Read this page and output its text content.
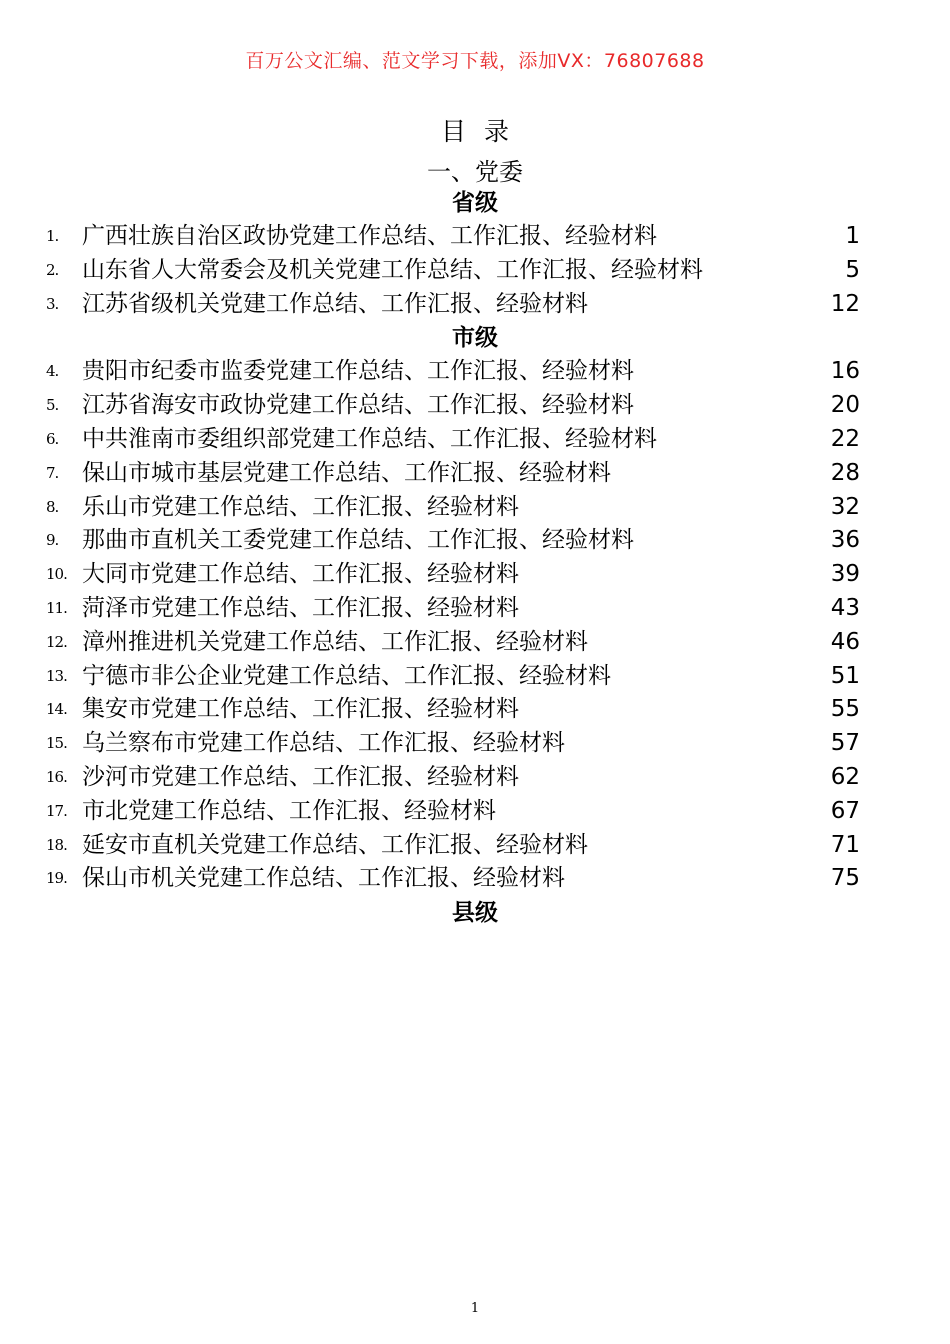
百万公文汇编、范文学习下载，添加VX：76807688
目 录
一、党委
省级
1.	广西壮族自治区政协党建工作总结、工作汇报、经验材料	1
2.	山东省人大常委会及机关党建工作总结、工作汇报、经验材料	5
3.	江苏省级机关党建工作总结、工作汇报、经验材料	12
市级
4.	贵阳市纪委市监委党建工作总结、工作汇报、经验材料	16
5.	江苏省海安市政协党建工作总结、工作汇报、经验材料	20
6.	中共淮南市委组织部党建工作总结、工作汇报、经验材料	22
7.	保山市城市基层党建工作总结、工作汇报、经验材料	28
8.	乐山市党建工作总结、工作汇报、经验材料	32
9.	那曲市直机关工委党建工作总结、工作汇报、经验材料	36
10. 大同市党建工作总结、工作汇报、经验材料	39
11. 菏泽市党建工作总结、工作汇报、经验材料	43
12. 漳州推进机关党建工作总结、工作汇报、经验材料	46
13. 宁德市非公企业党建工作总结、工作汇报、经验材料	51
14. 集安市党建工作总结、工作汇报、经验材料	55
15. 乌兰察布市党建工作总结、工作汇报、经验材料	57
16. 沙河市党建工作总结、工作汇报、经验材料	62
17. 市北党建工作总结、工作汇报、经验材料	67
18. 延安市直机关党建工作总结、工作汇报、经验材料	71
19. 保山市机关党建工作总结、工作汇报、经验材料	75
县级
1
